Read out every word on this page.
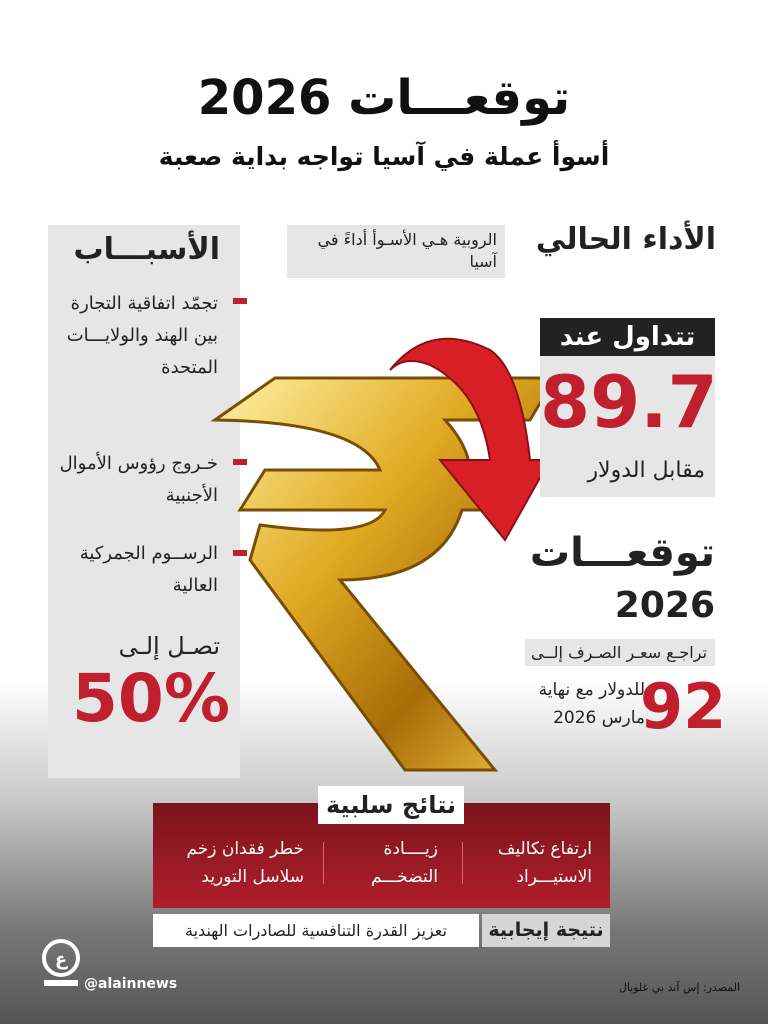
توقعـــات 2026
أسوأ عملة في آسيا تواجه بداية صعبة
الأسبـــاب
تجمّد اتفاقية التجارة بين الهند والولايـــات المتحدة
خـروج رؤوس الأموال الأجنبية
الرســوم الجمركية العالية
تصـل إلـى
50%
الأداء الحالي
الروبية هـي الأسـوأ أداءً في آسيا
تتداول عند
89.7
مقابل الدولار
توقعـــات
2026
تراجـع سعـر الصـرف إلــى
92
للدولار مع نهاية
مارس 2026
نتائج سلبية
ارتفاع تكاليف
الاستيـــراد
زيــــادة
التضخـــم
خطر فقدان زخم
سلاسل التوريد
نتيجة إيجابية
تعزيز القدرة التنافسية للصادرات الهندية
ع
@alainnews	المصدر: إس آند بي غلوبال
